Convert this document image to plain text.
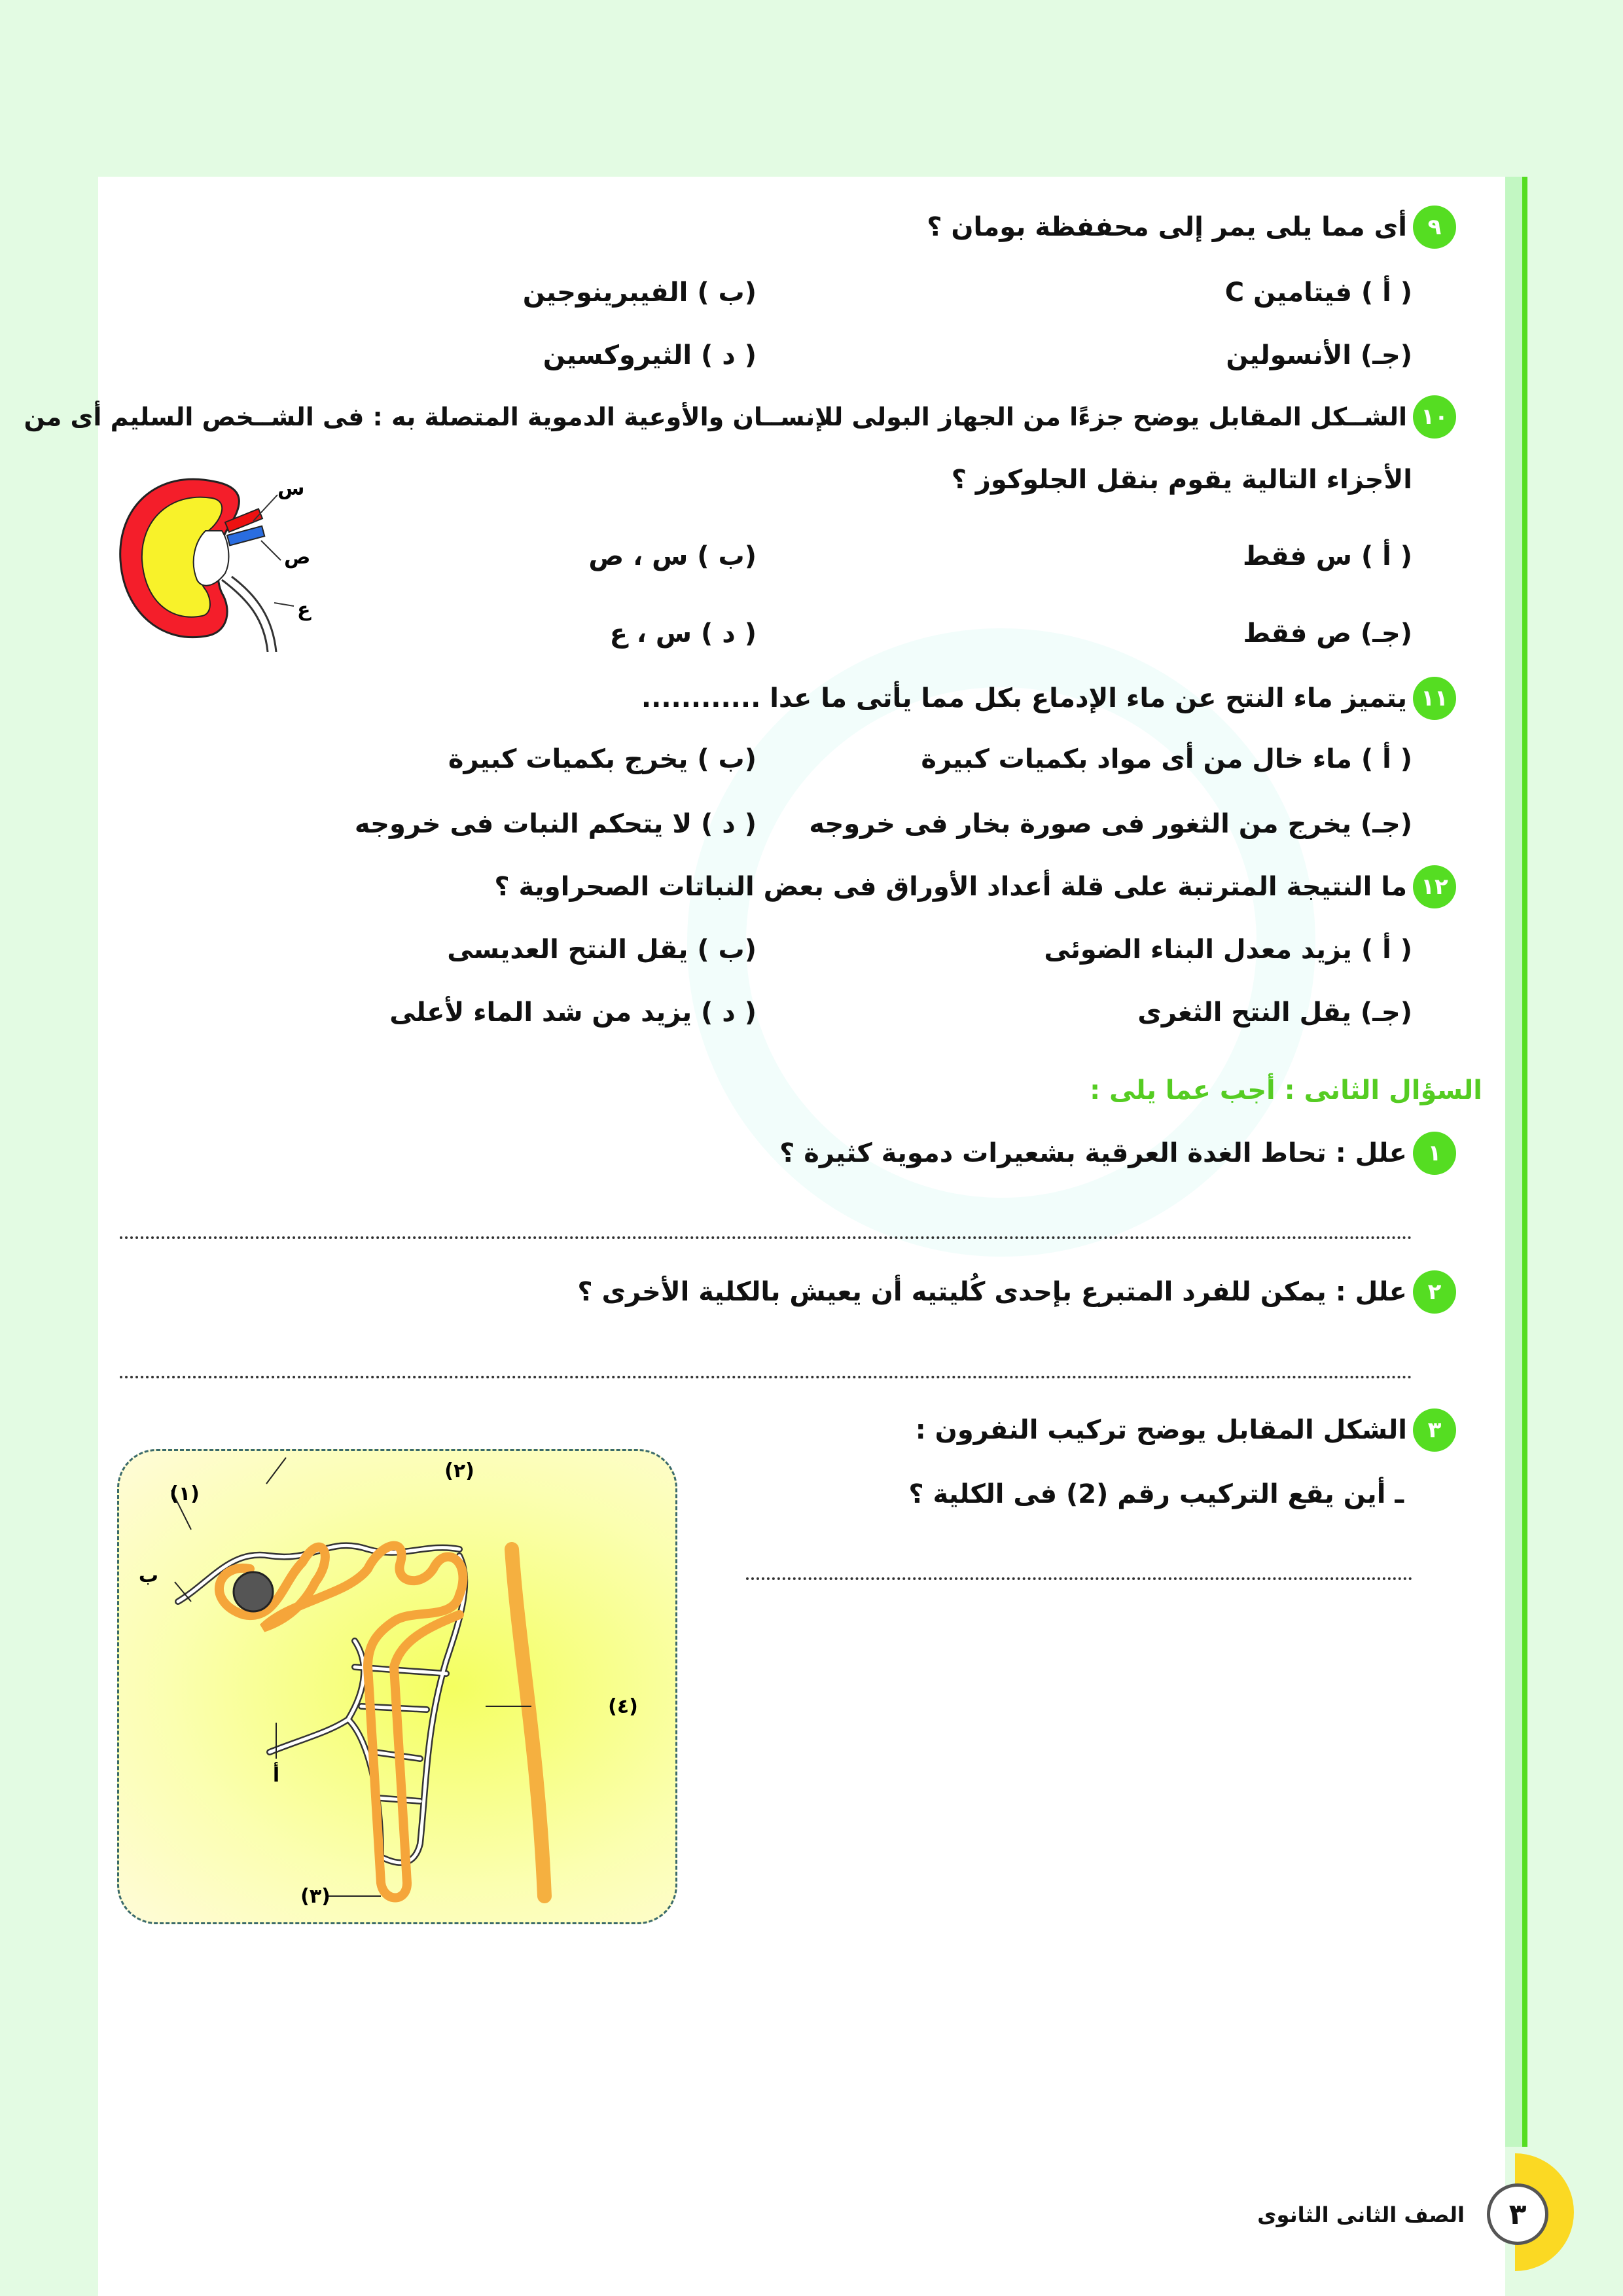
٩
أى مما يلى يمر إلى محففظة بومان ؟
( أ ) فيتامين C
(ب ) الفيبرينوجين
(جـ) الأنسولين
( د ) الثيروكسين
١٠
الشــكل المقابل يوضح جزءًا من الجهاز البولى للإنســان والأوعية الدموية المتصلة به : فى الشــخص السليم أى من
الأجزاء التالية يقوم بنقل الجلوكوز ؟
( أ ) س فقط
(ب ) س ، ص
(جـ) ص فقط
( د ) س ، ع
س
ص
ع
١١
يتميز ماء النتح عن ماء الإدماع بكل مما يأتى ما عدا ............
( أ ) ماء خال من أى مواد بكميات كبيرة
(ب ) يخرج بكميات كبيرة
(جـ) يخرج من الثغور فى صورة بخار فى خروجه
( د ) لا يتحكم النبات فى خروجه
١٢
ما النتيجة المترتبة على قلة أعداد الأوراق فى بعض النباتات الصحراوية ؟
( أ ) يزيد معدل البناء الضوئى
(ب ) يقل النتح العديسى
(جـ) يقل النتح الثغرى
( د ) يزيد من شد الماء لأعلى
السؤال الثانى : أجب عما يلى :
١
علل : تحاط الغدة العرقية بشعيرات دموية كثيرة ؟
٢
علل : يمكن للفرد المتبرع بإحدى كُليتيه أن يعيش بالكلية الأخرى ؟
٣
الشكل المقابل يوضح تركيب النفرون :
ـ أين يقع التركيب رقم (2) فى الكلية ؟
(١)
(٢)
(٣)
(٤)
ب
أ
٣
الصف الثانى الثانوى
